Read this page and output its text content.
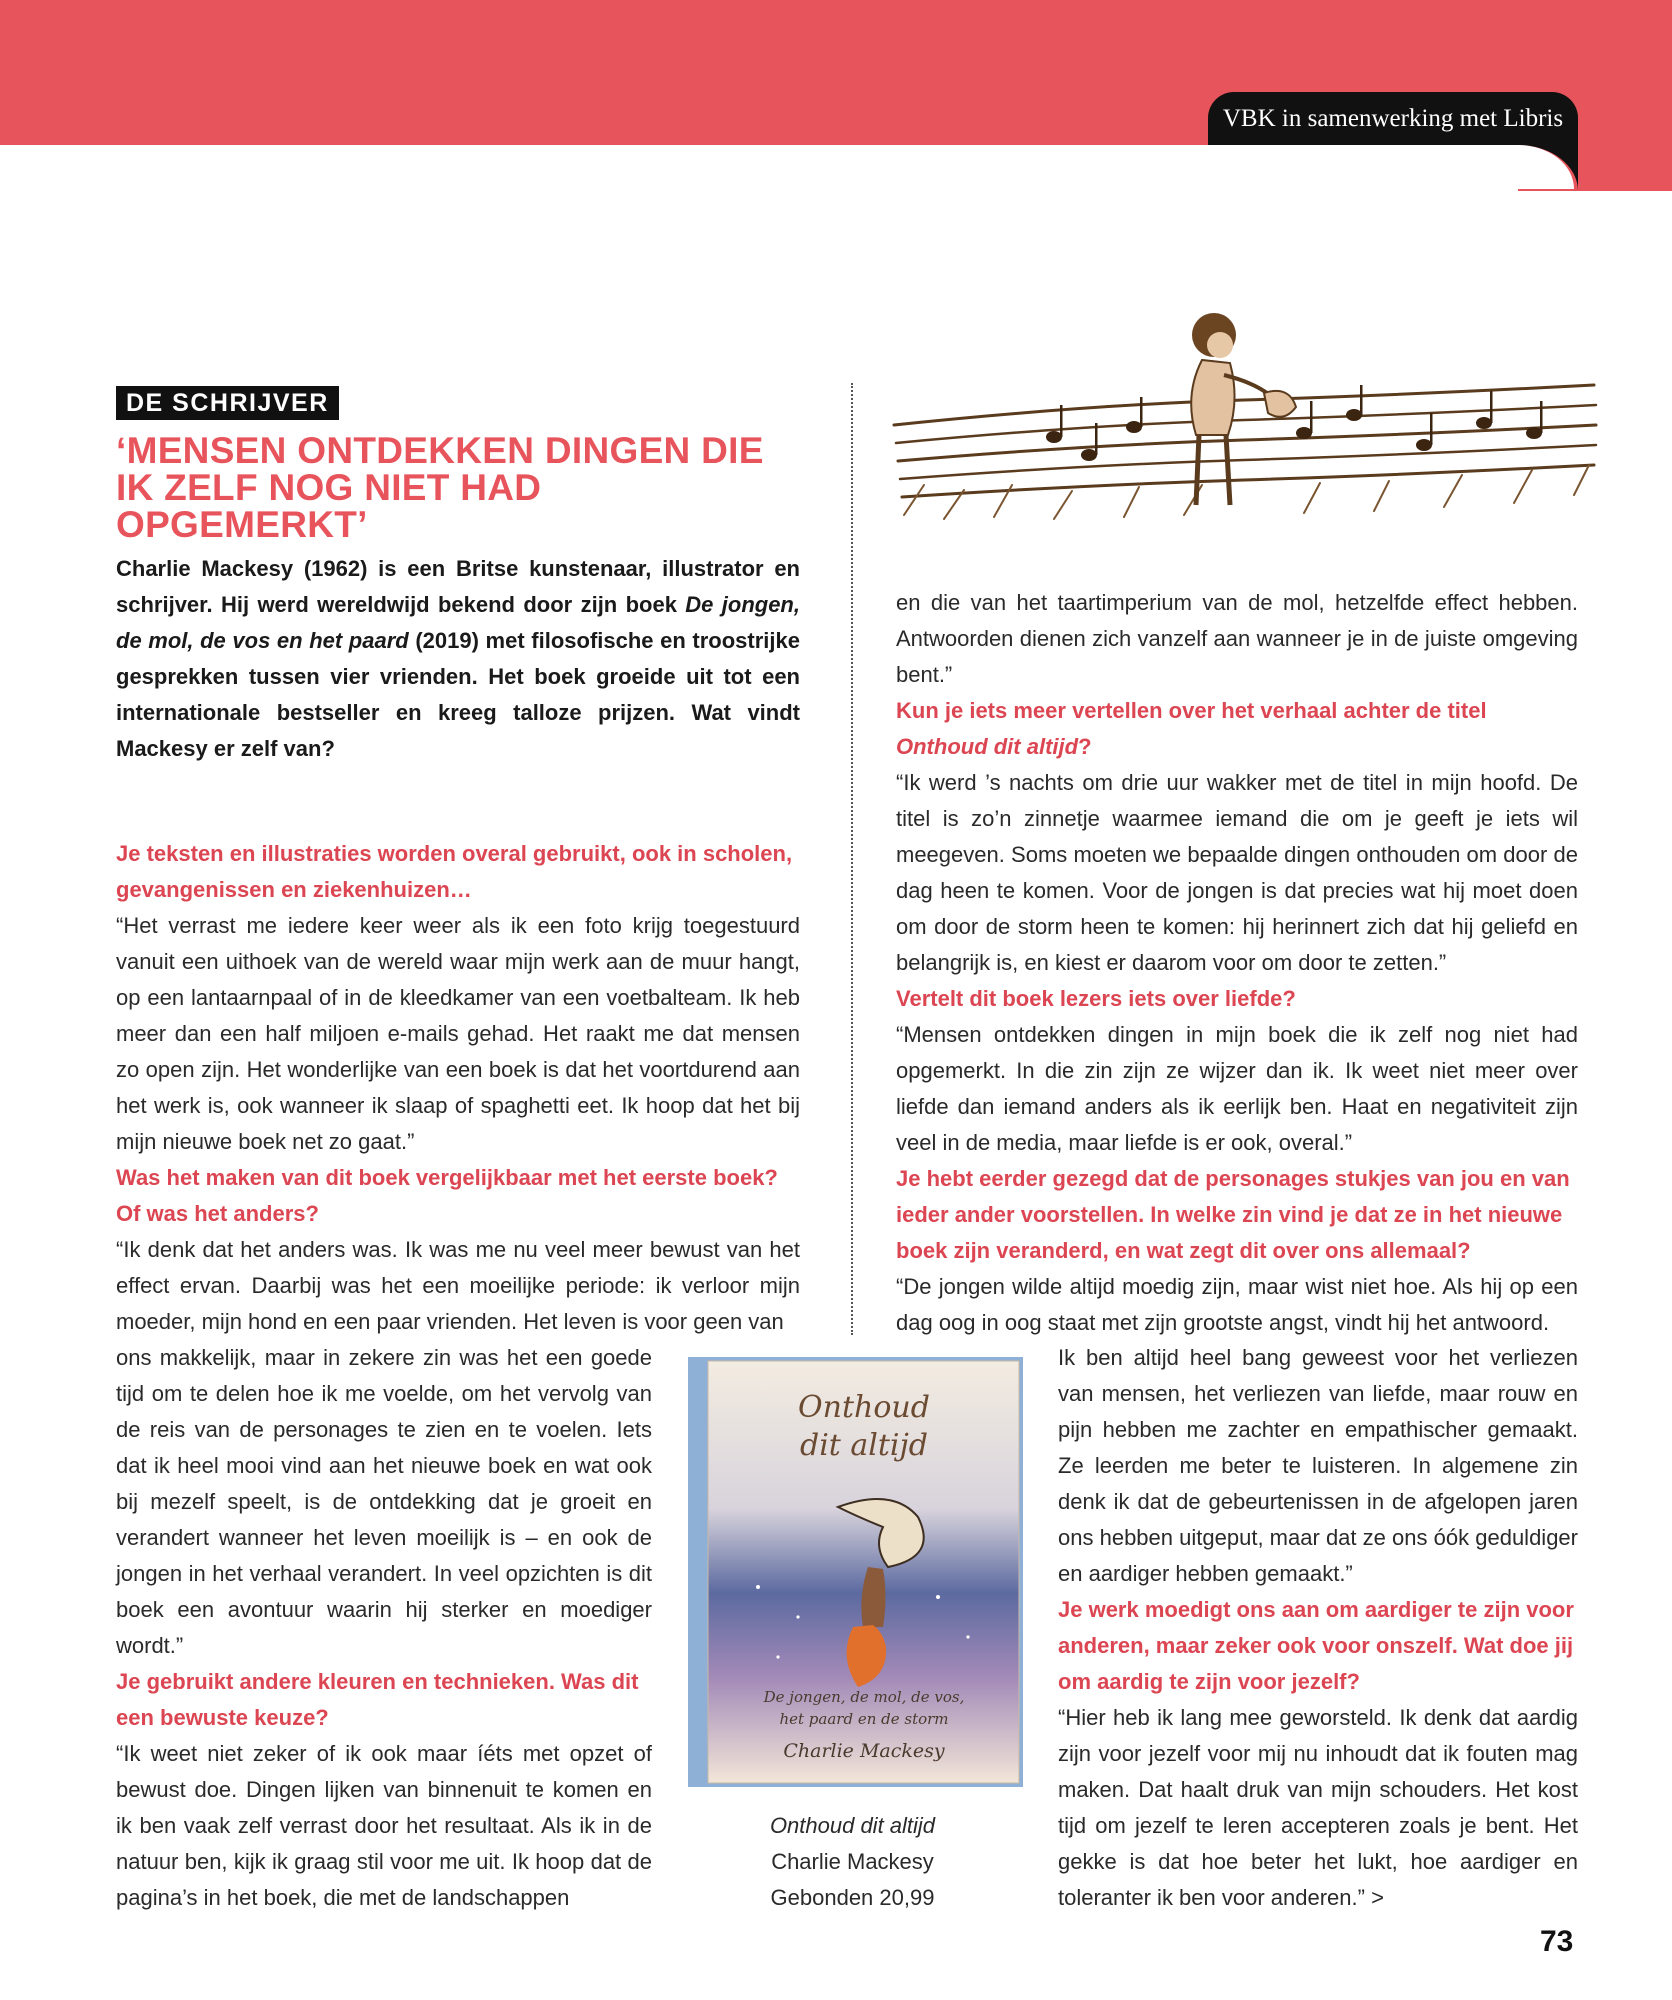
VBK in samenwerking met Libris
DE SCHRIJVER
‘MENSEN ONTDEKKEN DINGEN DIE IK ZELF NOG NIET HAD OPGEMERKT’

Charlie Mackesy (1962) is een Britse kunstenaar, illustrator en schrijver. Hij werd wereldwijd bekend door zijn boek De jongen, de mol, de vos en het paard (2019) met filosofische en troostrijke gesprekken tussen vier vrienden. Het boek groeide uit tot een internationale bestseller en kreeg talloze prijzen. Wat vindt Mackesy er zelf van?

Je teksten en illustraties worden overal gebruikt, ook in scholen, gevangenissen en ziekenhuizen…

“Het verrast me iedere keer weer als ik een foto krijg toegestuurd vanuit een uithoek van de wereld waar mijn werk aan de muur hangt, op een lantaarnpaal of in de kleedkamer van een voetbalteam. Ik heb meer dan een half miljoen e-mails gehad. Het raakt me dat mensen zo open zijn. Het wonderlijke van een boek is dat het voortdurend aan het werk is, ook wanneer ik slaap of spaghetti eet. Ik hoop dat het bij mijn nieuwe boek net zo gaat.”

Was het maken van dit boek vergelijkbaar met het eerste boek? Of was het anders?

“Ik denk dat het anders was. Ik was me nu veel meer bewust van het effect ervan. Daarbij was het een moeilijke periode: ik verloor mijn moeder, mijn hond en een paar vrienden. Het leven is voor geen van

ons makkelijk, maar in zekere zin was het een goede tijd om te delen hoe ik me voelde, om het vervolg van de reis van de personages te zien en te voelen. Iets dat ik heel mooi vind aan het nieuwe boek en wat ook bij mezelf speelt, is de ontdekking dat je groeit en verandert wanneer het leven moeilijk is – en ook de jongen in het verhaal verandert. In veel opzichten is dit boek een avontuur waarin hij sterker en moediger wordt.”

Je gebruikt andere kleuren en technieken. Was dit een bewuste keuze?

“Ik weet niet zeker of ik ook maar íéts met opzet of bewust doe. Dingen lijken van binnenuit te komen en ik ben vaak zelf verrast door het resultaat. Als ik in de natuur ben, kijk ik graag stil voor me uit. Ik hoop dat de pagina’s in het boek, die met de landschappen

en die van het taartimperium van de mol, hetzelfde effect hebben. Antwoorden dienen zich vanzelf aan wanneer je in de juiste omgeving bent.”

Kun je iets meer vertellen over het verhaal achter de titel Onthoud dit altijd?

“Ik werd ’s nachts om drie uur wakker met de titel in mijn hoofd. De titel is zo’n zinnetje waarmee iemand die om je geeft je iets wil meegeven. Soms moeten we bepaalde dingen onthouden om door de dag heen te komen. Voor de jongen is dat precies wat hij moet doen om door de storm heen te komen: hij herinnert zich dat hij geliefd en belangrijk is, en kiest er daarom voor om door te zetten.”

Vertelt dit boek lezers iets over liefde?

“Mensen ontdekken dingen in mijn boek die ik zelf nog niet had opgemerkt. In die zin zijn ze wijzer dan ik. Ik weet niet meer over liefde dan iemand anders als ik eerlijk ben. Haat en negativiteit zijn veel in de media, maar liefde is er ook, overal.”

Je hebt eerder gezegd dat de personages stukjes van jou en van ieder ander voorstellen. In welke zin vind je dat ze in het nieuwe boek zijn veranderd, en wat zegt dit over ons allemaal?

“De jongen wilde altijd moedig zijn, maar wist niet hoe. Als hij op een dag oog in oog staat met zijn grootste angst, vindt hij het antwoord.

Ik ben altijd heel bang geweest voor het verliezen van mensen, het verliezen van liefde, maar rouw en pijn hebben me zachter en empathischer gemaakt. Ze leerden me beter te luisteren. In algemene zin denk ik dat de gebeurtenissen in de afgelopen jaren ons hebben uitgeput, maar dat ze ons óók geduldiger en aardiger hebben gemaakt.”

Je werk moedigt ons aan om aardiger te zijn voor anderen, maar zeker ook voor onszelf. Wat doe jij om aardig te zijn voor jezelf?

“Hier heb ik lang mee geworsteld. Ik denk dat aardig zijn voor jezelf voor mij nu inhoudt dat ik fouten mag maken. Dat haalt druk van mijn schouders. Het kost tijd om jezelf te leren accepteren zoals je bent. Het gekke is dat hoe beter het lukt, hoe aardiger en toleranter ik ben voor anderen.” >

Onthoud
dit altijd
De jongen, de mol, de vos,
het paard en de storm
Charlie Mackesy
Onthoud dit altijd
Charlie Mackesy
Gebonden 20,99
73
